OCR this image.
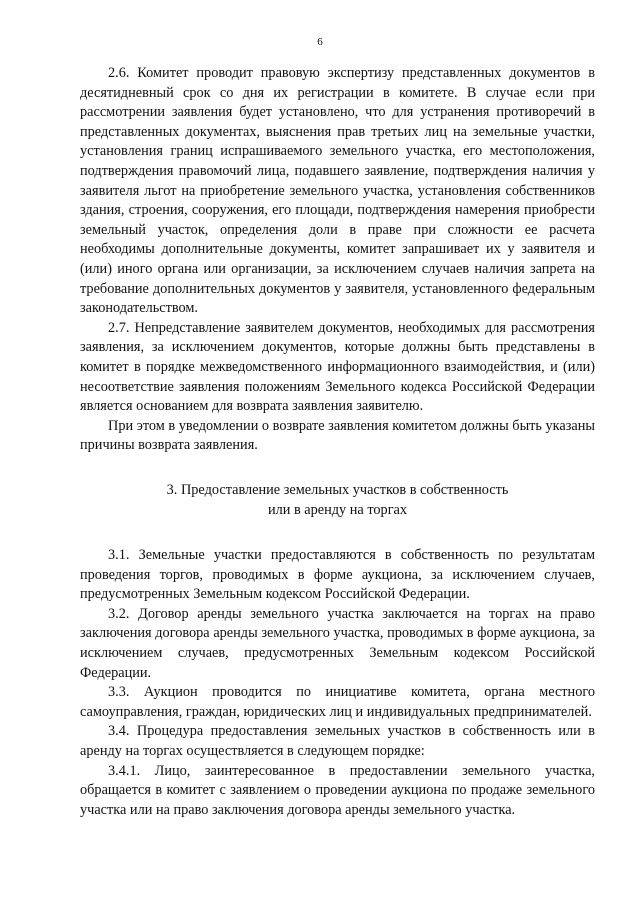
6

2.6. Комитет проводит правовую экспертизу представленных документов в десятидневный срок со дня их регистрации в комитете. В случае если при рассмотрении заявления будет установлено, что для устранения противоречий в представленных документах, выяснения прав третьих лиц на земельные участки, установления границ испрашиваемого земельного участка, его местоположения, подтверждения правомочий лица, подавшего заявление, подтверждения наличия у заявителя льгот на приобретение земельного участка, установления собственников здания, строения, сооружения, его площади, подтверждения намерения приобрести земельный участок, определения доли в праве при сложности ее расчета необходимы дополнительные документы, комитет запрашивает их у заявителя и (или) иного органа или организации, за исключением случаев наличия запрета на требование дополнительных документов у заявителя, установленного федеральным законодательством.

2.7. Непредставление заявителем документов, необходимых для рассмотрения заявления, за исключением документов, которые должны быть представлены в комитет в порядке межведомственного информационного взаимодействия, и (или) несоответствие заявления положениям Земельного кодекса Российской Федерации является основанием для возврата заявления заявителю.

При этом в уведомлении о возврате заявления комитетом должны быть указаны причины возврата заявления.

3. Предоставление земельных участков в собственность
или в аренду на торгах

3.1. Земельные участки предоставляются в собственность по результатам проведения торгов, проводимых в форме аукциона, за исключением случаев, предусмотренных Земельным кодексом Российской Федерации.

3.2. Договор аренды земельного участка заключается на торгах на право заключения договора аренды земельного участка, проводимых в форме аукциона, за исключением случаев, предусмотренных Земельным кодексом Российской Федерации.

3.3. Аукцион проводится по инициативе комитета, органа местного самоуправления, граждан, юридических лиц и индивидуальных предпринимателей.

3.4. Процедура предоставления земельных участков в собственность или в аренду на торгах осуществляется в следующем порядке:

3.4.1. Лицо, заинтересованное в предоставлении земельного участка, обращается в комитет с заявлением о проведении аукциона по продаже земельного участка или на право заключения договора аренды земельного участка.
